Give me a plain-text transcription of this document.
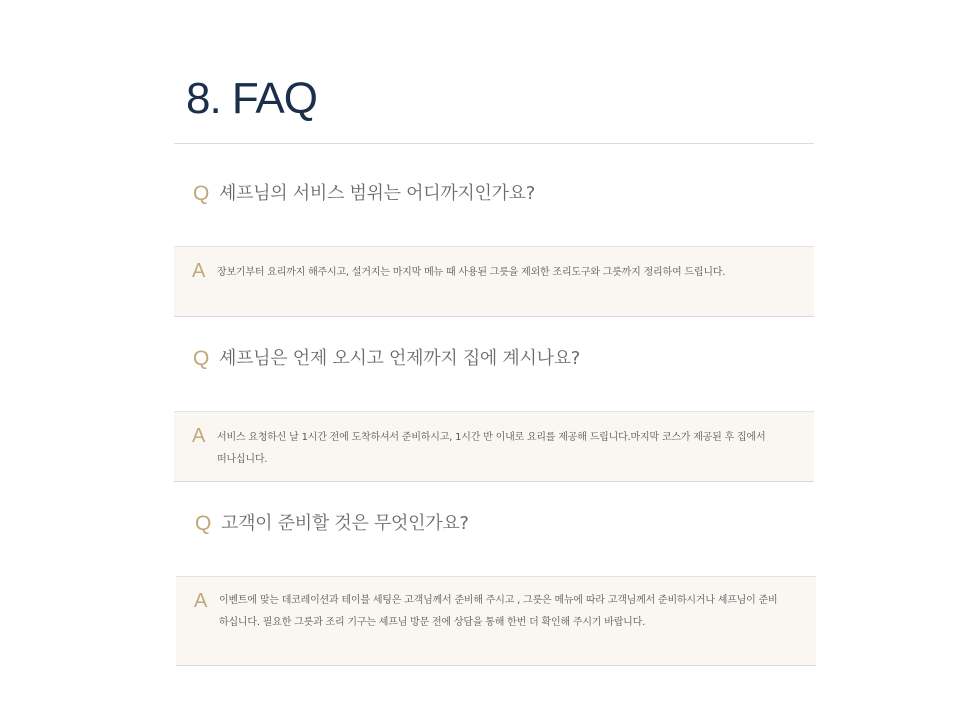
8. FAQ
Q 셰프님의 서비스 범위는 어디까지인가요?
A 장보기부터 요리까지 해주시고, 설거지는 마지막 메뉴 때 사용된 그릇을 제외한 조리도구와 그릇까지 정리하여 드립니다.
Q 셰프님은 언제 오시고 언제까지 집에 계시나요?
A 서비스 요청하신 날 1시간 전에 도착하셔서 준비하시고, 1시간 반 이내로 요리를 제공해 드립니다.마지막 코스가 제공된 후 집에서 떠나십니다.
Q 고객이 준비할 것은 무엇인가요?
A 이벤트에 맞는 데코레이션과 테이블 세팅은 고객님께서 준비해 주시고 , 그릇은 메뉴에 따라 고객님께서 준비하시거나 셰프님이 준비하십니다. 필요한 그릇과 조리 기구는 셰프님 방문 전에 상담을 통해 한번 더 확인해 주시기 바랍니다.
